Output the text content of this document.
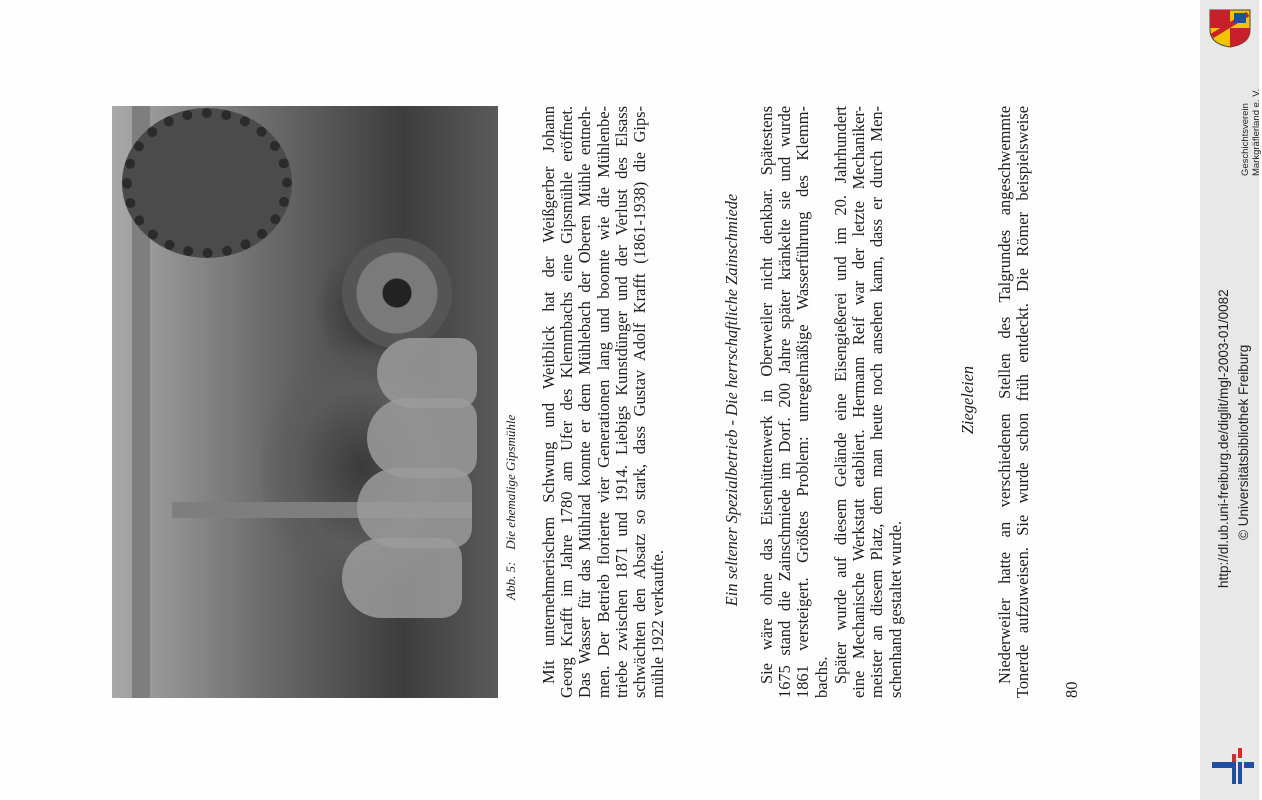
Abb. 5:Die ehemalige Gipsmühle Mit unternehmerischem Schwung und Weitblick hat der Weißgerber Johann Georg Krafft im Jahre 1780 am Ufer des Klemmbachs eine Gipsmühle eröffnet. Das Wasser für das Mühlrad konnte er dem Mühlebach der Oberen Mühle entneh- men. Der Betrieb florierte vier Generationen lang und boomte wie die Mühlenbe- triebe zwischen 1871 und 1914. Liebigs Kunstdünger und der Verlust des Elsass schwächten den Absatz so stark, dass Gustav Adolf Krafft (1861-1938) die Gips- mühle 1922 verkaufte.
Ein seltener Spezialbetrieb - Die herrschaftliche Zainschmiede Sie wäre ohne das Eisenhüttenwerk in Oberweiler nicht denkbar. Spätestens 1675 stand die Zainschmiede im Dorf. 200 Jahre später kränkelte sie und wurde 1861 versteigert. Größtes Problem: unregelmäßige Wasserführung des Klemm- bachs. Später wurde auf diesem Gelände eine Eisengießerei und im 20. Jahrhundert eine Mechanische Werkstatt etabliert. Hermann Reif war der letzte Mechaniker- meister an diesem Platz, dem man heute noch ansehen kann, dass er durch Men- schenhand gestaltet wurde.
Ziegeleien Niederweiler hatte an verschiedenen Stellen des Talgrundes angeschwemmte Tonerde aufzuweisen. Sie wurde schon früh entdeckt. Die Römer beispielsweise 80
Geschichtsverein Markgräflerland e. V.
http://dl.ub.uni-freiburg.de/diglit/mgl-2003-01/0082 © Universitätsbibliothek Freiburg
